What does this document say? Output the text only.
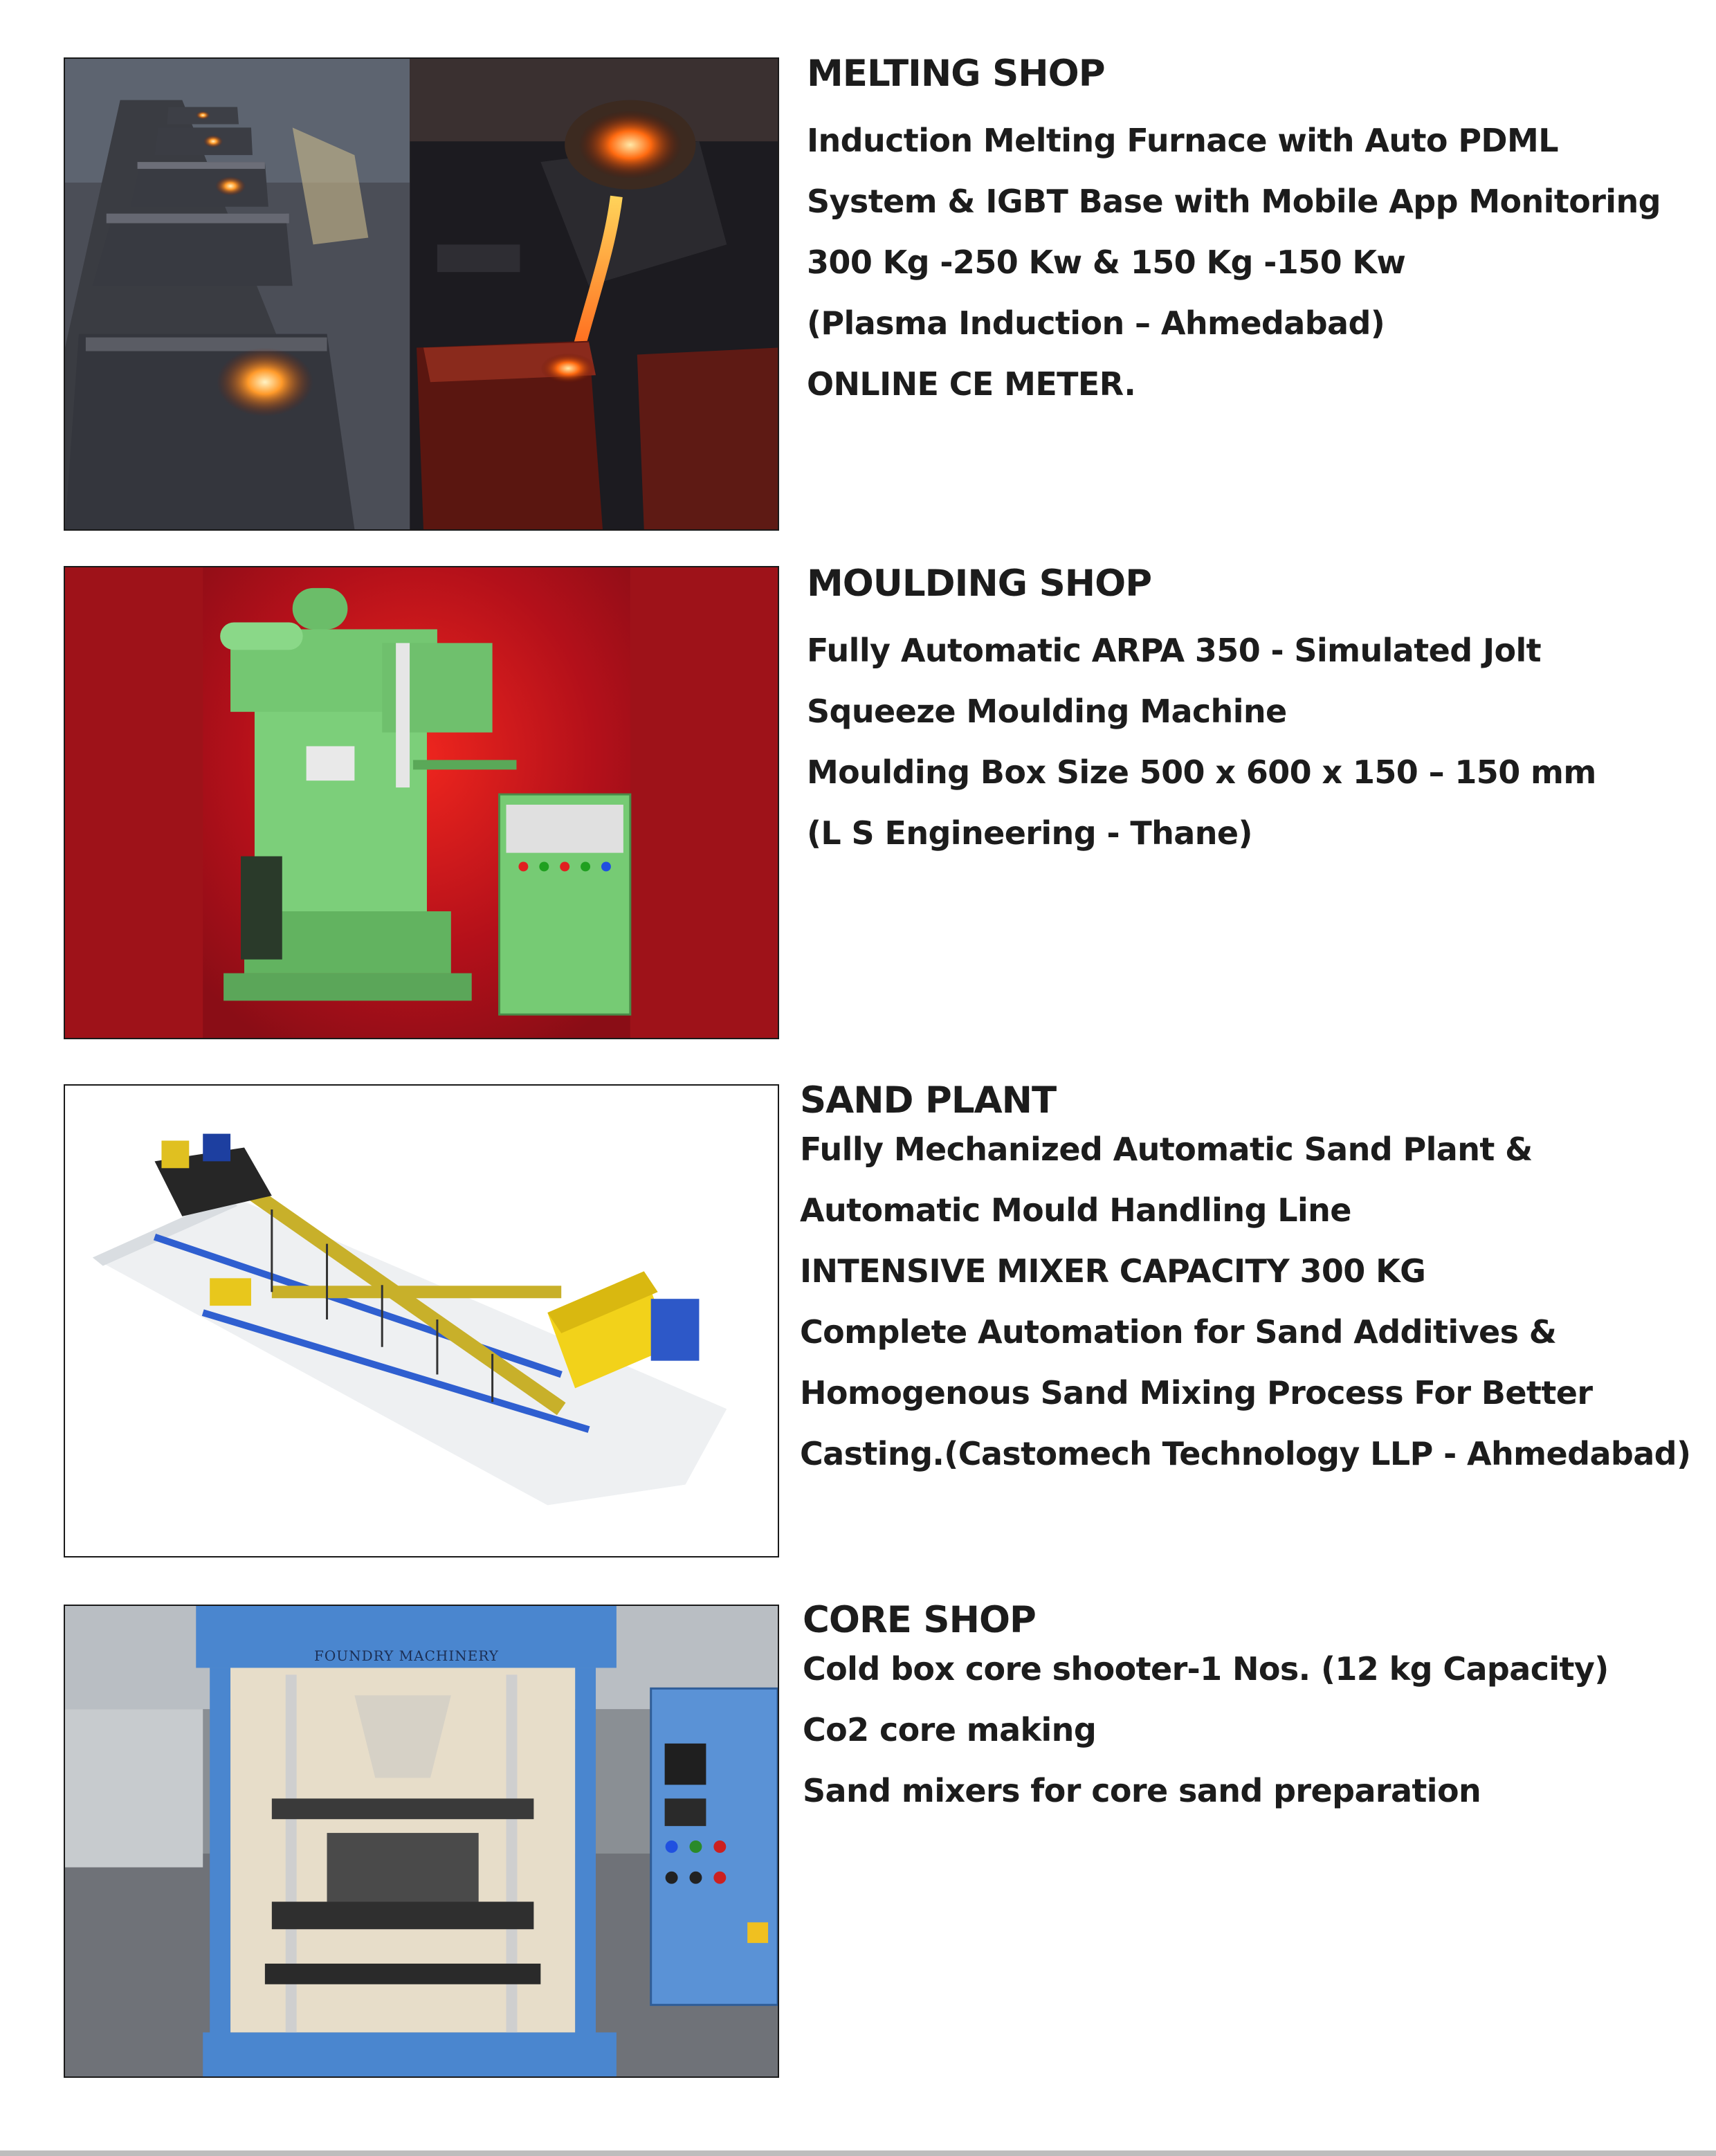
MELTING SHOP
Induction Melting Furnace with Auto PDML
System & IGBT Base with Mobile App Monitoring
300 Kg -250 Kw & 150 Kg -150 Kw
(Plasma Induction – Ahmedabad)
ONLINE CE METER.
MOULDING SHOP
Fully Automatic ARPA 350 - Simulated Jolt
Squeeze Moulding Machine
Moulding Box Size 500 x 600 x 150 – 150 mm
(L S Engineering - Thane)
SAND PLANT
Fully Mechanized Automatic Sand Plant &
Automatic Mould Handling Line
INTENSIVE MIXER CAPACITY 300 KG
Complete Automation for Sand Additives &
Homogenous Sand Mixing Process For Better
Casting.(Castomech Technology LLP - Ahmedabad)
FOUNDRY MACHINERY
CORE SHOP
Cold box core shooter-1 Nos. (12 kg Capacity)
Co2 core making
Sand mixers for core sand preparation
